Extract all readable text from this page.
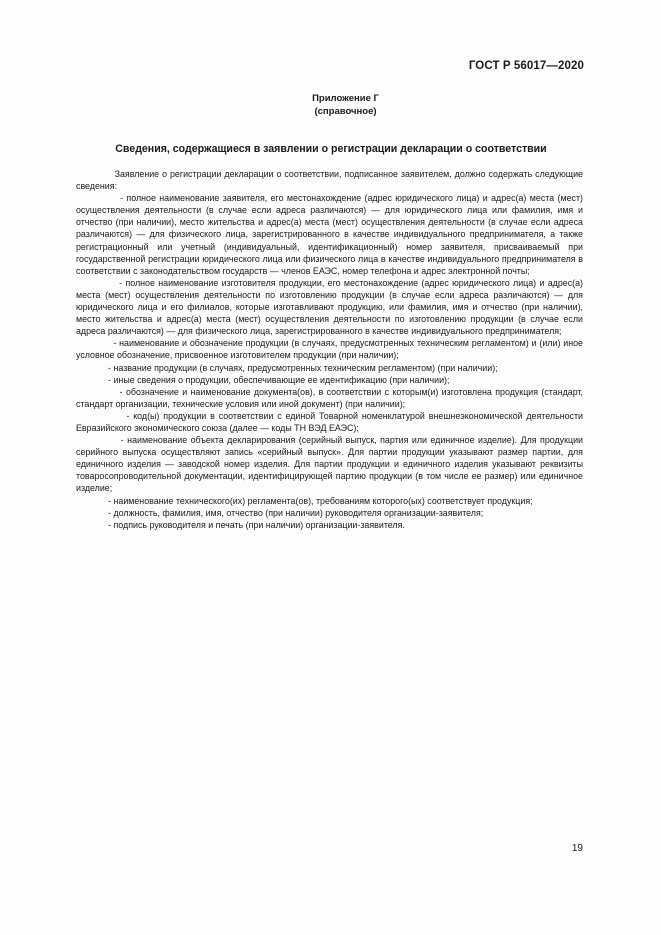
ГОСТ Р 56017—2020
Приложение Г
(справочное)
Сведения, содержащиеся в заявлении о регистрации декларации о соответствии

Заявление о регистрации декларации о соответствии, подписанное заявителем, должно содержать следующие сведения:

- полное наименование заявителя, его местонахождение (адрес юридического лица) и адрес(а) места (мест) осуществления деятельности (в случае если адреса различаются) — для юридического лица или фамилия, имя и отчество (при наличии), место жительства и адрес(а) места (мест) осуществления деятельности (в случае если адреса различаются) — для физического лица, зарегистрированного в качестве индивидуального предпринимателя, а также регистрационный или учетный (индивидуальный, идентификационный) номер заявителя, присваиваемый при государственной регистрации юридического лица или физического лица в качестве индивидуального предпринимателя в соответствии с законодательством государств — членов ЕАЭС, номер телефона и адрес электронной почты;

- полное наименование изготовителя продукции, его местонахождение (адрес юридического лица) и адрес(а) места (мест) осуществления деятельности по изготовлению продукции (в случае если адреса различаются) — для юридического лица и его филиалов, которые изготавливают продукцию, или фамилия, имя и отчество (при наличии), место жительства и адрес(а) места (мест) осуществления деятельности по изготовлению продукции (в случае если адреса различаются) — для физического лица, зарегистрированного в качестве индивидуального предпринимателя;

- наименование и обозначение продукции (в случаях, предусмотренных техническим регламентом) и (или) иное условное обозначение, присвоенное изготовителем продукции (при наличии);

- название продукции (в случаях, предусмотренных техническим регламентом) (при наличии);

- иные сведения о продукции, обеспечивающие ее идентификацию (при наличии);

- обозначение и наименование документа(ов), в соответствии с которым(и) изготовлена продукция (стандарт, стандарт организации, технические условия или иной документ) (при наличии);

- код(ы) продукции в соответствии с единой Товарной номенклатурой внешнеэкономической деятельности Евразийского экономического союза (далее — коды ТН ВЭД ЕАЭС);

- наименование объекта декларирования (серийный выпуск, партия или единичное изделие). Для продукции серийного выпуска осуществляют запись «серийный выпуск». Для партии продукции указывают размер партии, для единичного изделия — заводской номер изделия. Для партии продукции и единичного изделия указывают реквизиты товаросопроводительной документации, идентифицирующей партию продукции (в том числе ее размер) или единичное изделие;

- наименование технического(их) регламента(ов), требованиям которого(ых) соответствует продукция;

- должность, фамилия, имя, отчество (при наличии) руководителя организации-заявителя;

- подпись руководителя и печать (при наличии) организации-заявителя.

19
